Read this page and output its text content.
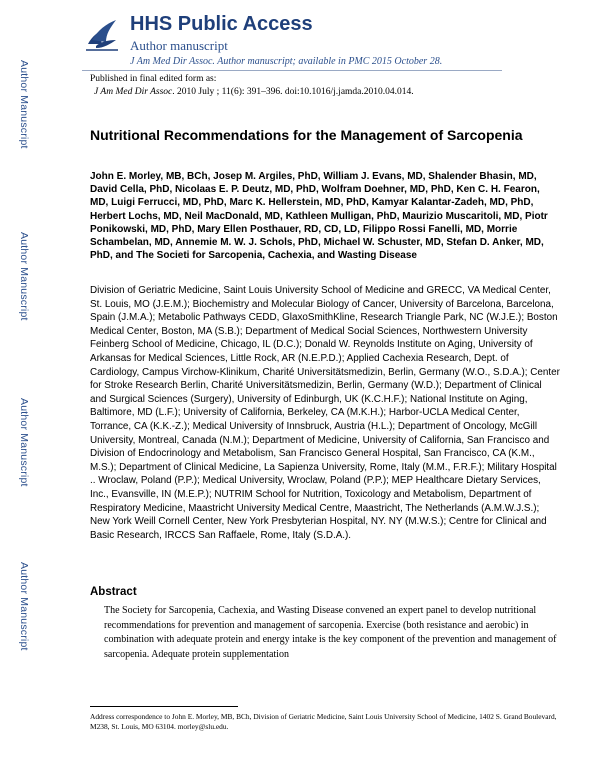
Author Manuscript
Author Manuscript
Author Manuscript
Author Manuscript
HHS Public Access
Author manuscript
J Am Med Dir Assoc. Author manuscript; available in PMC 2015 October 28.
Published in final edited form as:
J Am Med Dir Assoc. 2010 July ; 11(6): 391–396. doi:10.1016/j.jamda.2010.04.014.
Nutritional Recommendations for the Management of Sarcopenia
John E. Morley, MB, BCh, Josep M. Argiles, PhD, William J. Evans, MD, Shalender Bhasin, MD, David Cella, PhD, Nicolaas E. P. Deutz, MD, PhD, Wolfram Doehner, MD, PhD, Ken C. H. Fearon, MD, Luigi Ferrucci, MD, PhD, Marc K. Hellerstein, MD, PhD, Kamyar Kalantar-Zadeh, MD, PhD, Herbert Lochs, MD, Neil MacDonald, MD, Kathleen Mulligan, PhD, Maurizio Muscaritoli, MD, Piotr Ponikowski, MD, PhD, Mary Ellen Posthauer, RD, CD, LD, Filippo Rossi Fanelli, MD, Morrie Schambelan, MD, Annemie M. W. J. Schols, PhD, Michael W. Schuster, MD, Stefan D. Anker, MD, PhD, and The Societi for Sarcopenia, Cachexia, and Wasting Disease
Division of Geriatric Medicine, Saint Louis University School of Medicine and GRECC, VA Medical Center, St. Louis, MO (J.E.M.); Biochemistry and Molecular Biology of Cancer, University of Barcelona, Barcelona, Spain (J.M.A.); Metabolic Pathways CEDD, GlaxoSmithKline, Research Triangle Park, NC (W.J.E.); Boston Medical Center, Boston, MA (S.B.); Department of Medical Social Sciences, Northwestern University Feinberg School of Medicine, Chicago, IL (D.C.); Donald W. Reynolds Institute on Aging, University of Arkansas for Medical Sciences, Little Rock, AR (N.E.P.D.); Applied Cachexia Research, Dept. of Cardiology, Campus Virchow-Klinikum, Charité Universitätsmedizin, Berlin, Germany (W.O., S.D.A.); Center for Stroke Research Berlin, Charité Universitätsmedizin, Berlin, Germany (W.D.); Department of Clinical and Surgical Sciences (Surgery), University of Edinburgh, UK (K.C.H.F.); National Institute on Aging, Baltimore, MD (L.F.); University of California, Berkeley, CA (M.K.H.); Harbor-UCLA Medical Center, Torrance, CA (K.K.-Z.); Medical University of Innsbruck, Austria (H.L.); Department of Oncology, McGill University, Montreal, Canada (N.M.); Department of Medicine, University of California, San Francisco and Division of Endocrinology and Metabolism, San Francisco General Hospital, San Francisco, CA (K.M., M.S.); Department of Clinical Medicine, La Sapienza University, Rome, Italy (M.M., F.R.F.); Military Hospital .. Wroclaw, Poland (P.P.); Medical University, Wroclaw, Poland (P.P.); MEP Healthcare Dietary Services, Inc., Evansville, IN (M.E.P.); NUTRIM School for Nutrition, Toxicology and Metabolism, Department of Respiratory Medicine, Maastricht University Medical Centre, Maastricht, The Netherlands (A.M.W.J.S.); New York Weill Cornell Center, New York Presbyterian Hospital, NY. NY (M.W.S.); Centre for Clinical and Basic Research, IRCCS San Raffaele, Rome, Italy (S.D.A.).
Abstract
The Society for Sarcopenia, Cachexia, and Wasting Disease convened an expert panel to develop nutritional recommendations for prevention and management of sarcopenia. Exercise (both resistance and aerobic) in combination with adequate protein and energy intake is the key component of the prevention and management of sarcopenia. Adequate protein supplementation
Address correspondence to John E. Morley, MB, BCh, Division of Geriatric Medicine, Saint Louis University School of Medicine, 1402 S. Grand Boulevard, M238, St. Louis, MO 63104. morley@slu.edu.
